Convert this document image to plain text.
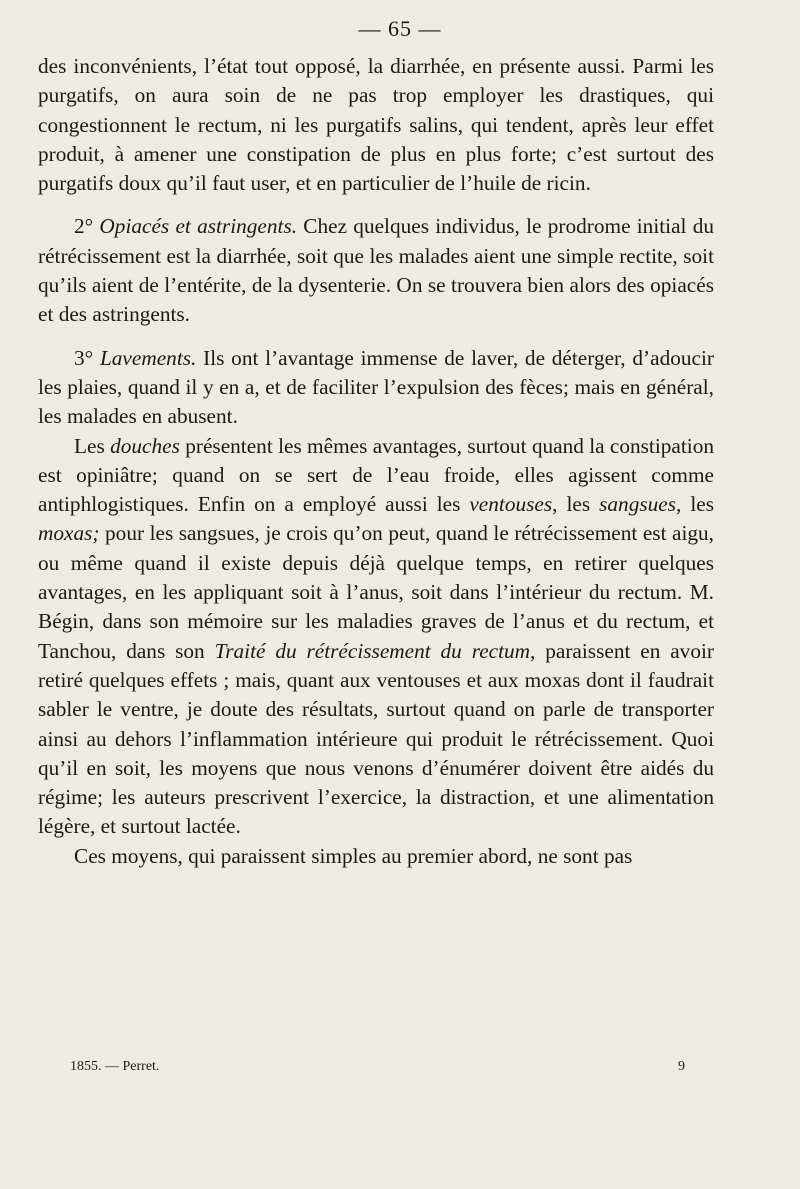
— 65 —

des inconvénients, l’état tout opposé, la diarrhée, en présente aussi. Parmi les purgatifs, on aura soin de ne pas trop employer les drastiques, qui congestionnent le rectum, ni les purgatifs salins, qui tendent, après leur effet produit, à amener une constipation de plus en plus forte; c’est surtout des purgatifs doux qu’il faut user, et en particulier de l’huile de ricin.

2° Opiacés et astringents. Chez quelques individus, le prodrome initial du rétrécissement est la diarrhée, soit que les malades aient une simple rectite, soit qu’ils aient de l’entérite, de la dysenterie. On se trouvera bien alors des opiacés et des astringents.

3° Lavements. Ils ont l’avantage immense de laver, de déterger, d’adoucir les plaies, quand il y en a, et de faciliter l’expulsion des fèces; mais en général, les malades en abusent.

Les douches présentent les mêmes avantages, surtout quand la constipation est opiniâtre; quand on se sert de l’eau froide, elles agissent comme antiphlogistiques. Enfin on a employé aussi les ventouses, les sangsues, les moxas; pour les sangsues, je crois qu’on peut, quand le rétrécissement est aigu, ou même quand il existe depuis déjà quelque temps, en retirer quelques avantages, en les appliquant soit à l’anus, soit dans l’intérieur du rectum. M. Bégin, dans son mémoire sur les maladies graves de l’anus et du rectum, et Tanchou, dans son Traité du rétrécissement du rectum, paraissent en avoir retiré quelques effets ; mais, quant aux ventouses et aux moxas dont il faudrait sabler le ventre, je doute des résultats, surtout quand on parle de transporter ainsi au dehors l’inflammation intérieure qui produit le rétrécissement. Quoi qu’il en soit, les moyens que nous venons d’énumérer doivent être aidés du régime; les auteurs prescrivent l’exercice, la distraction, et une alimentation légère, et surtout lactée.

Ces moyens, qui paraissent simples au premier abord, ne sont pas

1855. — Perret.	9
